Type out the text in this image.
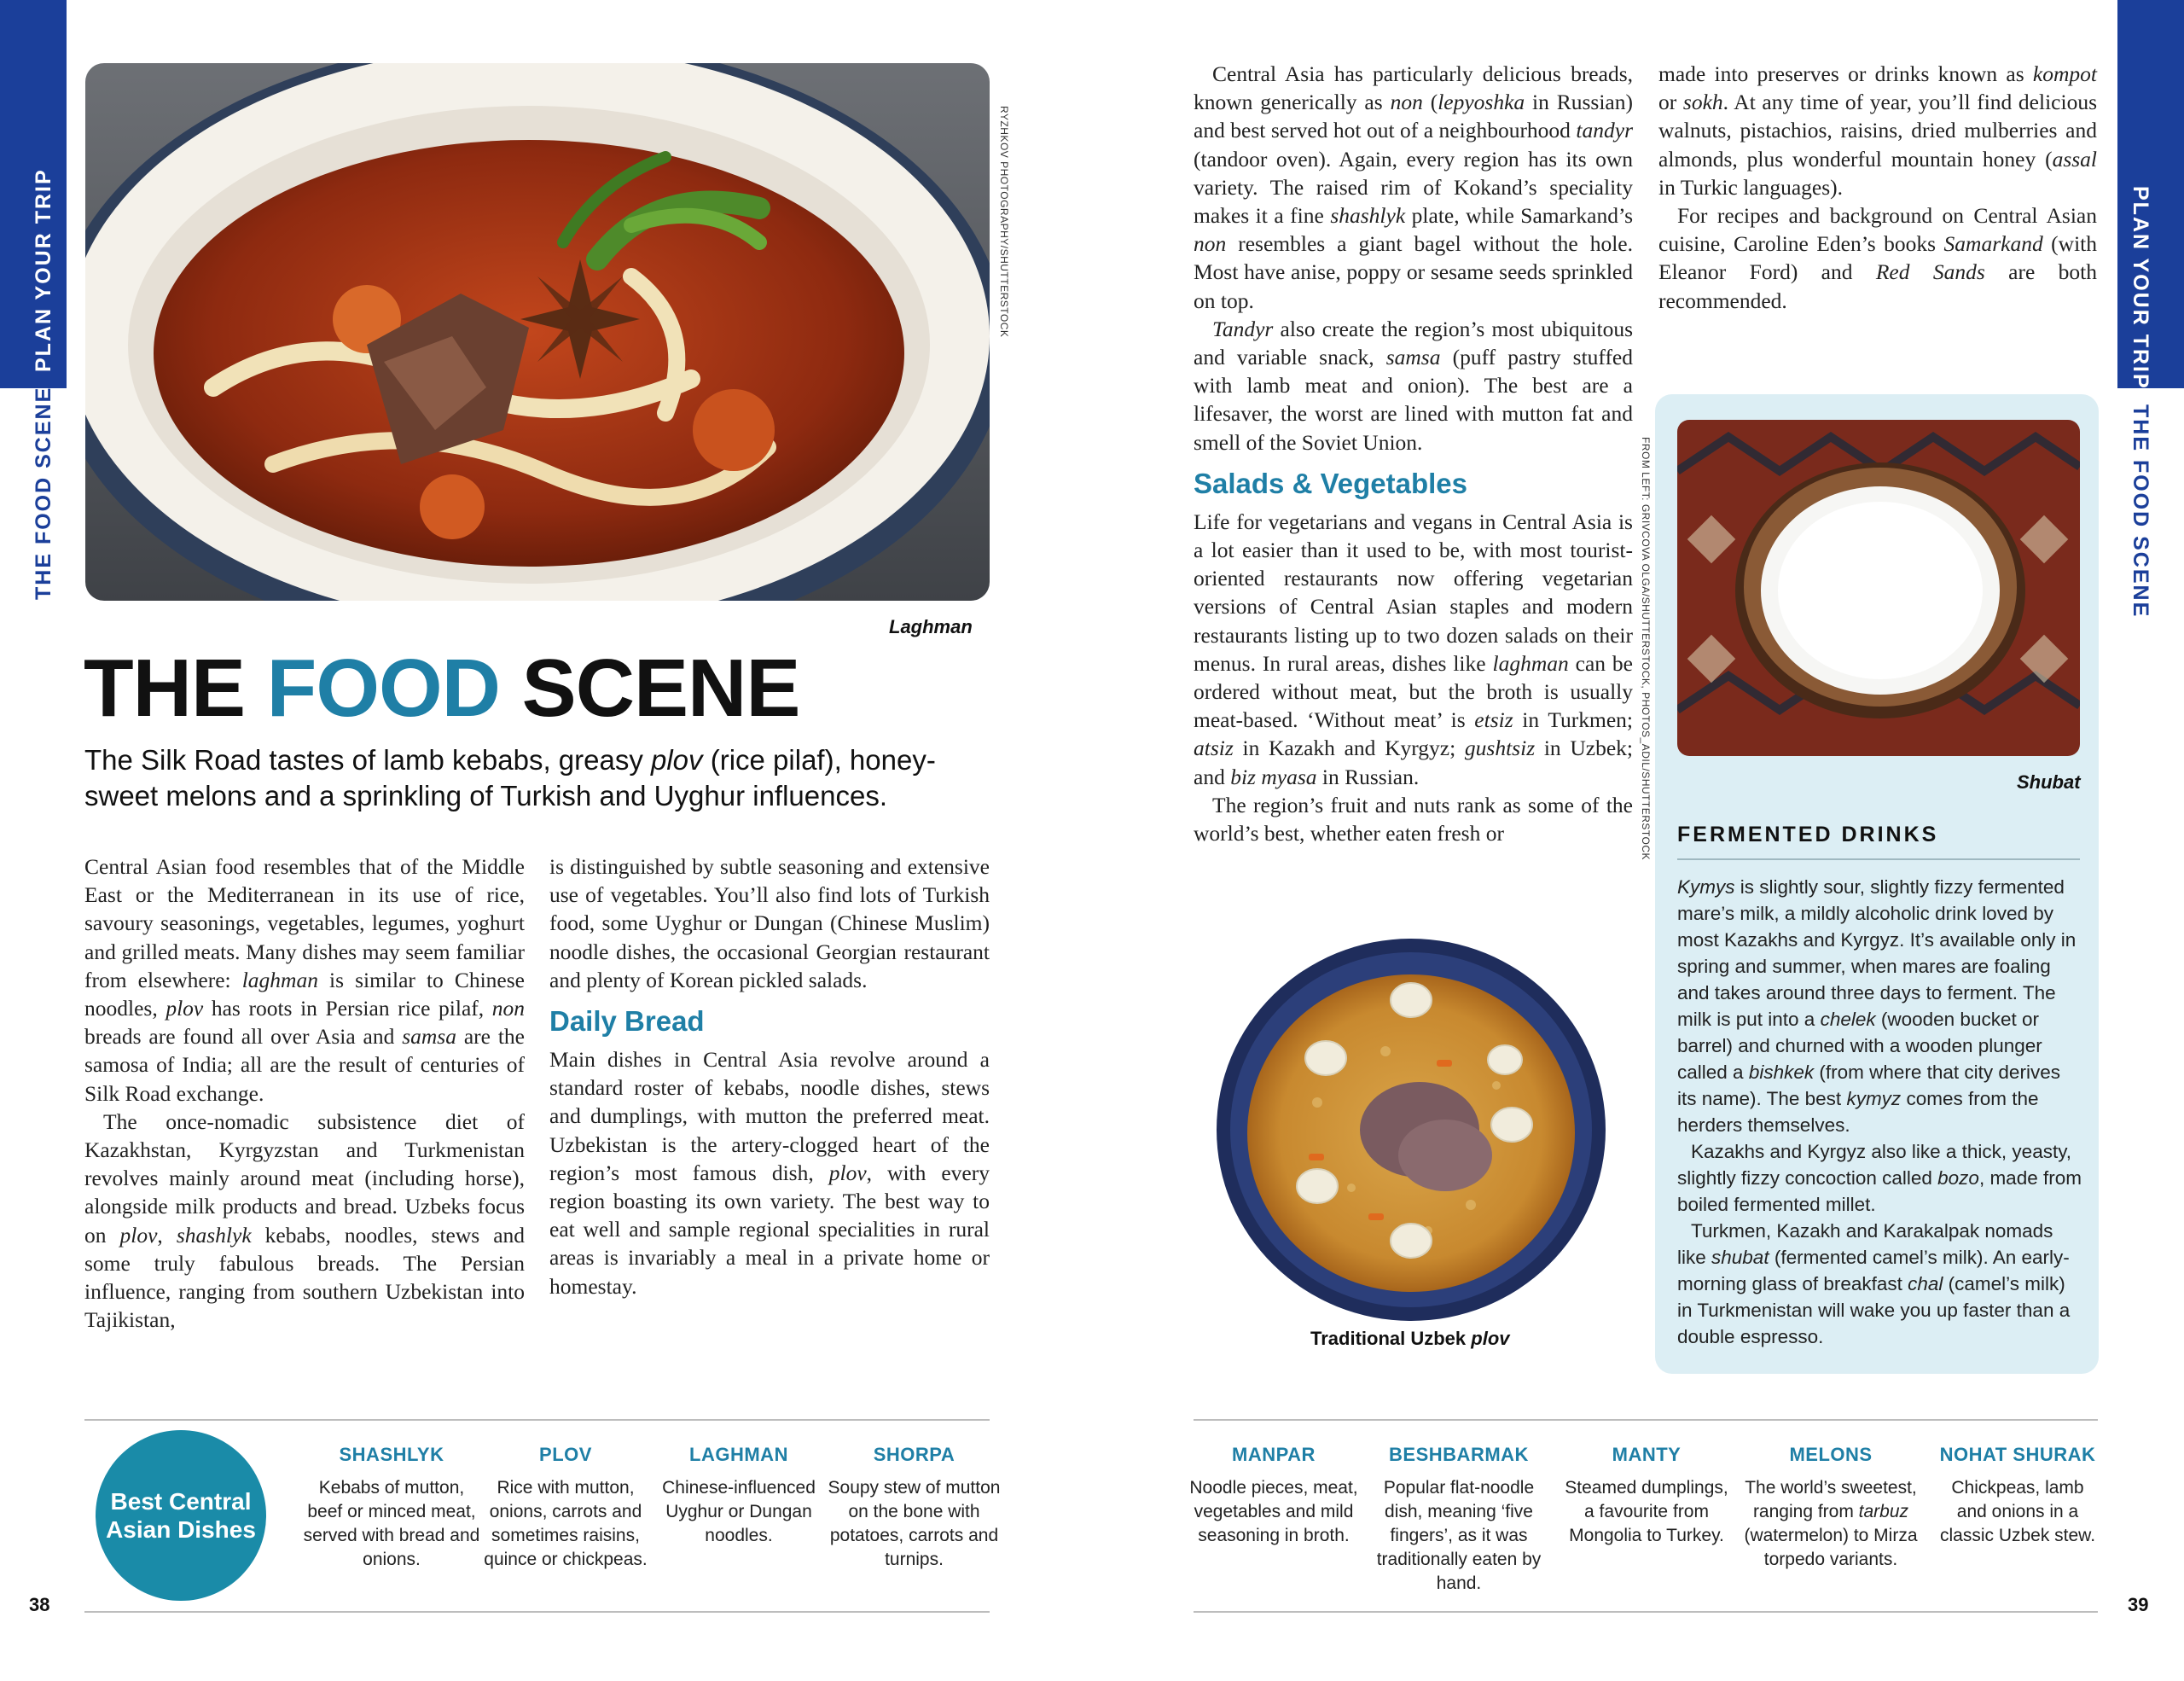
PLAN YOUR TRIP
THE FOOD SCENE
PLAN YOUR TRIP
THE FOOD SCENE
RYZHKOV PHOTOGRAPHY/SHUTTERSTOCK
Laghman
THE FOOD SCENE
The Silk Road tastes of lamb kebabs, greasy plov (rice pilaf), honey-sweet melons and a sprinkling of Turkish and Uyghur influences.

Central Asian food resembles that of the Middle East or the Mediterranean in its use of rice, savoury seasonings, vegetables, legumes, yoghurt and grilled meats. Many dishes may seem familiar from elsewhere: laghman is similar to Chinese noodles, plov has roots in Persian rice pilaf, non breads are found all over Asia and samsa are the samosa of India; all are the result of centuries of Silk Road exchange.

The once-nomadic subsistence diet of Kazakhstan, Kyrgyzstan and Turkmenistan revolves mainly around meat (including horse), alongside milk products and bread. Uzbeks focus on plov, shashlyk kebabs, noodles, stews and some truly fabulous breads. The Persian influence, ranging from southern Uzbekistan into Tajikistan,

is distinguished by subtle seasoning and extensive use of vegetables. You’ll also find lots of Turkish food, some Uyghur or Dungan (Chinese Muslim) noodle dishes, the occasional Georgian restaurant and plenty of Korean pickled salads.

Daily Bread

Main dishes in Central Asia revolve around a standard roster of kebabs, noodle dishes, stews and dumplings, with mutton the preferred meat. Uzbekistan is the artery-clogged heart of the region’s most famous dish, plov, with every region boasting its own variety. The best way to eat well and sample regional specialities in rural areas is invariably a meal in a private home or homestay.

Central Asia has particularly delicious breads, known generically as non (lepyoshka in Russian) and best served hot out of a neighbourhood tandyr (tandoor oven). Again, every region has its own variety. The raised rim of Kokand’s speciality makes it a fine shashlyk plate, while Samarkand’s non resembles a giant bagel without the hole. Most have anise, poppy or sesame seeds sprinkled on top.

Tandyr also create the region’s most ubiquitous and variable snack, samsa (puff pastry stuffed with lamb meat and onion). The best are a lifesaver, the worst are lined with mutton fat and smell of the Soviet Union.

Salads & Vegetables

Life for vegetarians and vegans in Central Asia is a lot easier than it used to be, with most tourist-oriented restaurants now offering vegetarian versions of Central Asian staples and modern restaurants listing up to two dozen salads on their menus. In rural areas, dishes like laghman can be ordered without meat, but the broth is usually meat-based. ‘Without meat’ is etsiz in Turkmen; atsiz in Kazakh and Kyrgyz; gushtsiz in Uzbek; and biz myasa in Russian.

The region’s fruit and nuts rank as some of the world’s best, whether eaten fresh or	FROM LEFT: GRIVCOVA OLGA/SHUTTERSTOCK, PHOTOS_ADIL/SHUTTERSTOCK

made into preserves or drinks known as kompot or sokh. At any time of year, you’ll find delicious walnuts, pistachios, raisins, dried mulberries and almonds, plus wonderful mountain honey (assal in Turkic languages).

For recipes and background on Central Asian cuisine, Caroline Eden’s books Samarkand (with Eleanor Ford) and Red Sands are both recommended.

Traditional Uzbek plov
Shubat
FERMENTED DRINKS

Kymys is slightly sour, slightly fizzy fermented mare’s milk, a mildly alcoholic drink loved by most Kazakhs and Kyrgyz. It’s available only in spring and summer, when mares are foaling and takes around three days to ferment. The milk is put into a chelek (wooden bucket or barrel) and churned with a wooden plunger called a bishkek (from where that city derives its name). The best kymyz comes from the herders themselves.

Kazakhs and Kyrgyz also like a thick, yeasty, slightly fizzy concoction called bozo, made from boiled fermented millet.

Turkmen, Kazakh and Karakalpak nomads like shubat (fermented camel’s milk). An early-morning glass of breakfast chal (camel’s milk) in Turkmenistan will wake you up faster than a double espresso.

Best Central Asian Dishes
SHASHLYK
Kebabs of mutton, beef or minced meat, served with bread and onions.
PLOV
Rice with mutton, onions, carrots and sometimes raisins, quince or chickpeas.
LAGHMAN
Chinese-influenced Uyghur or Dungan noodles.
SHORPA
Soupy stew of mutton on the bone with potatoes, carrots and turnips.
MANPAR
Noodle pieces, meat, vegetables and mild seasoning in broth.
BESHBARMAK
Popular flat-noodle dish, meaning ‘five fingers’, as it was traditionally eaten by hand.
MANTY
Steamed dumplings, a favourite from Mongolia to Turkey.
MELONS
The world’s sweetest, ranging from tarbuz (watermelon) to Mirza torpedo variants.
NOHAT SHURAK
Chickpeas, lamb and onions in a classic Uzbek stew.
38	39
